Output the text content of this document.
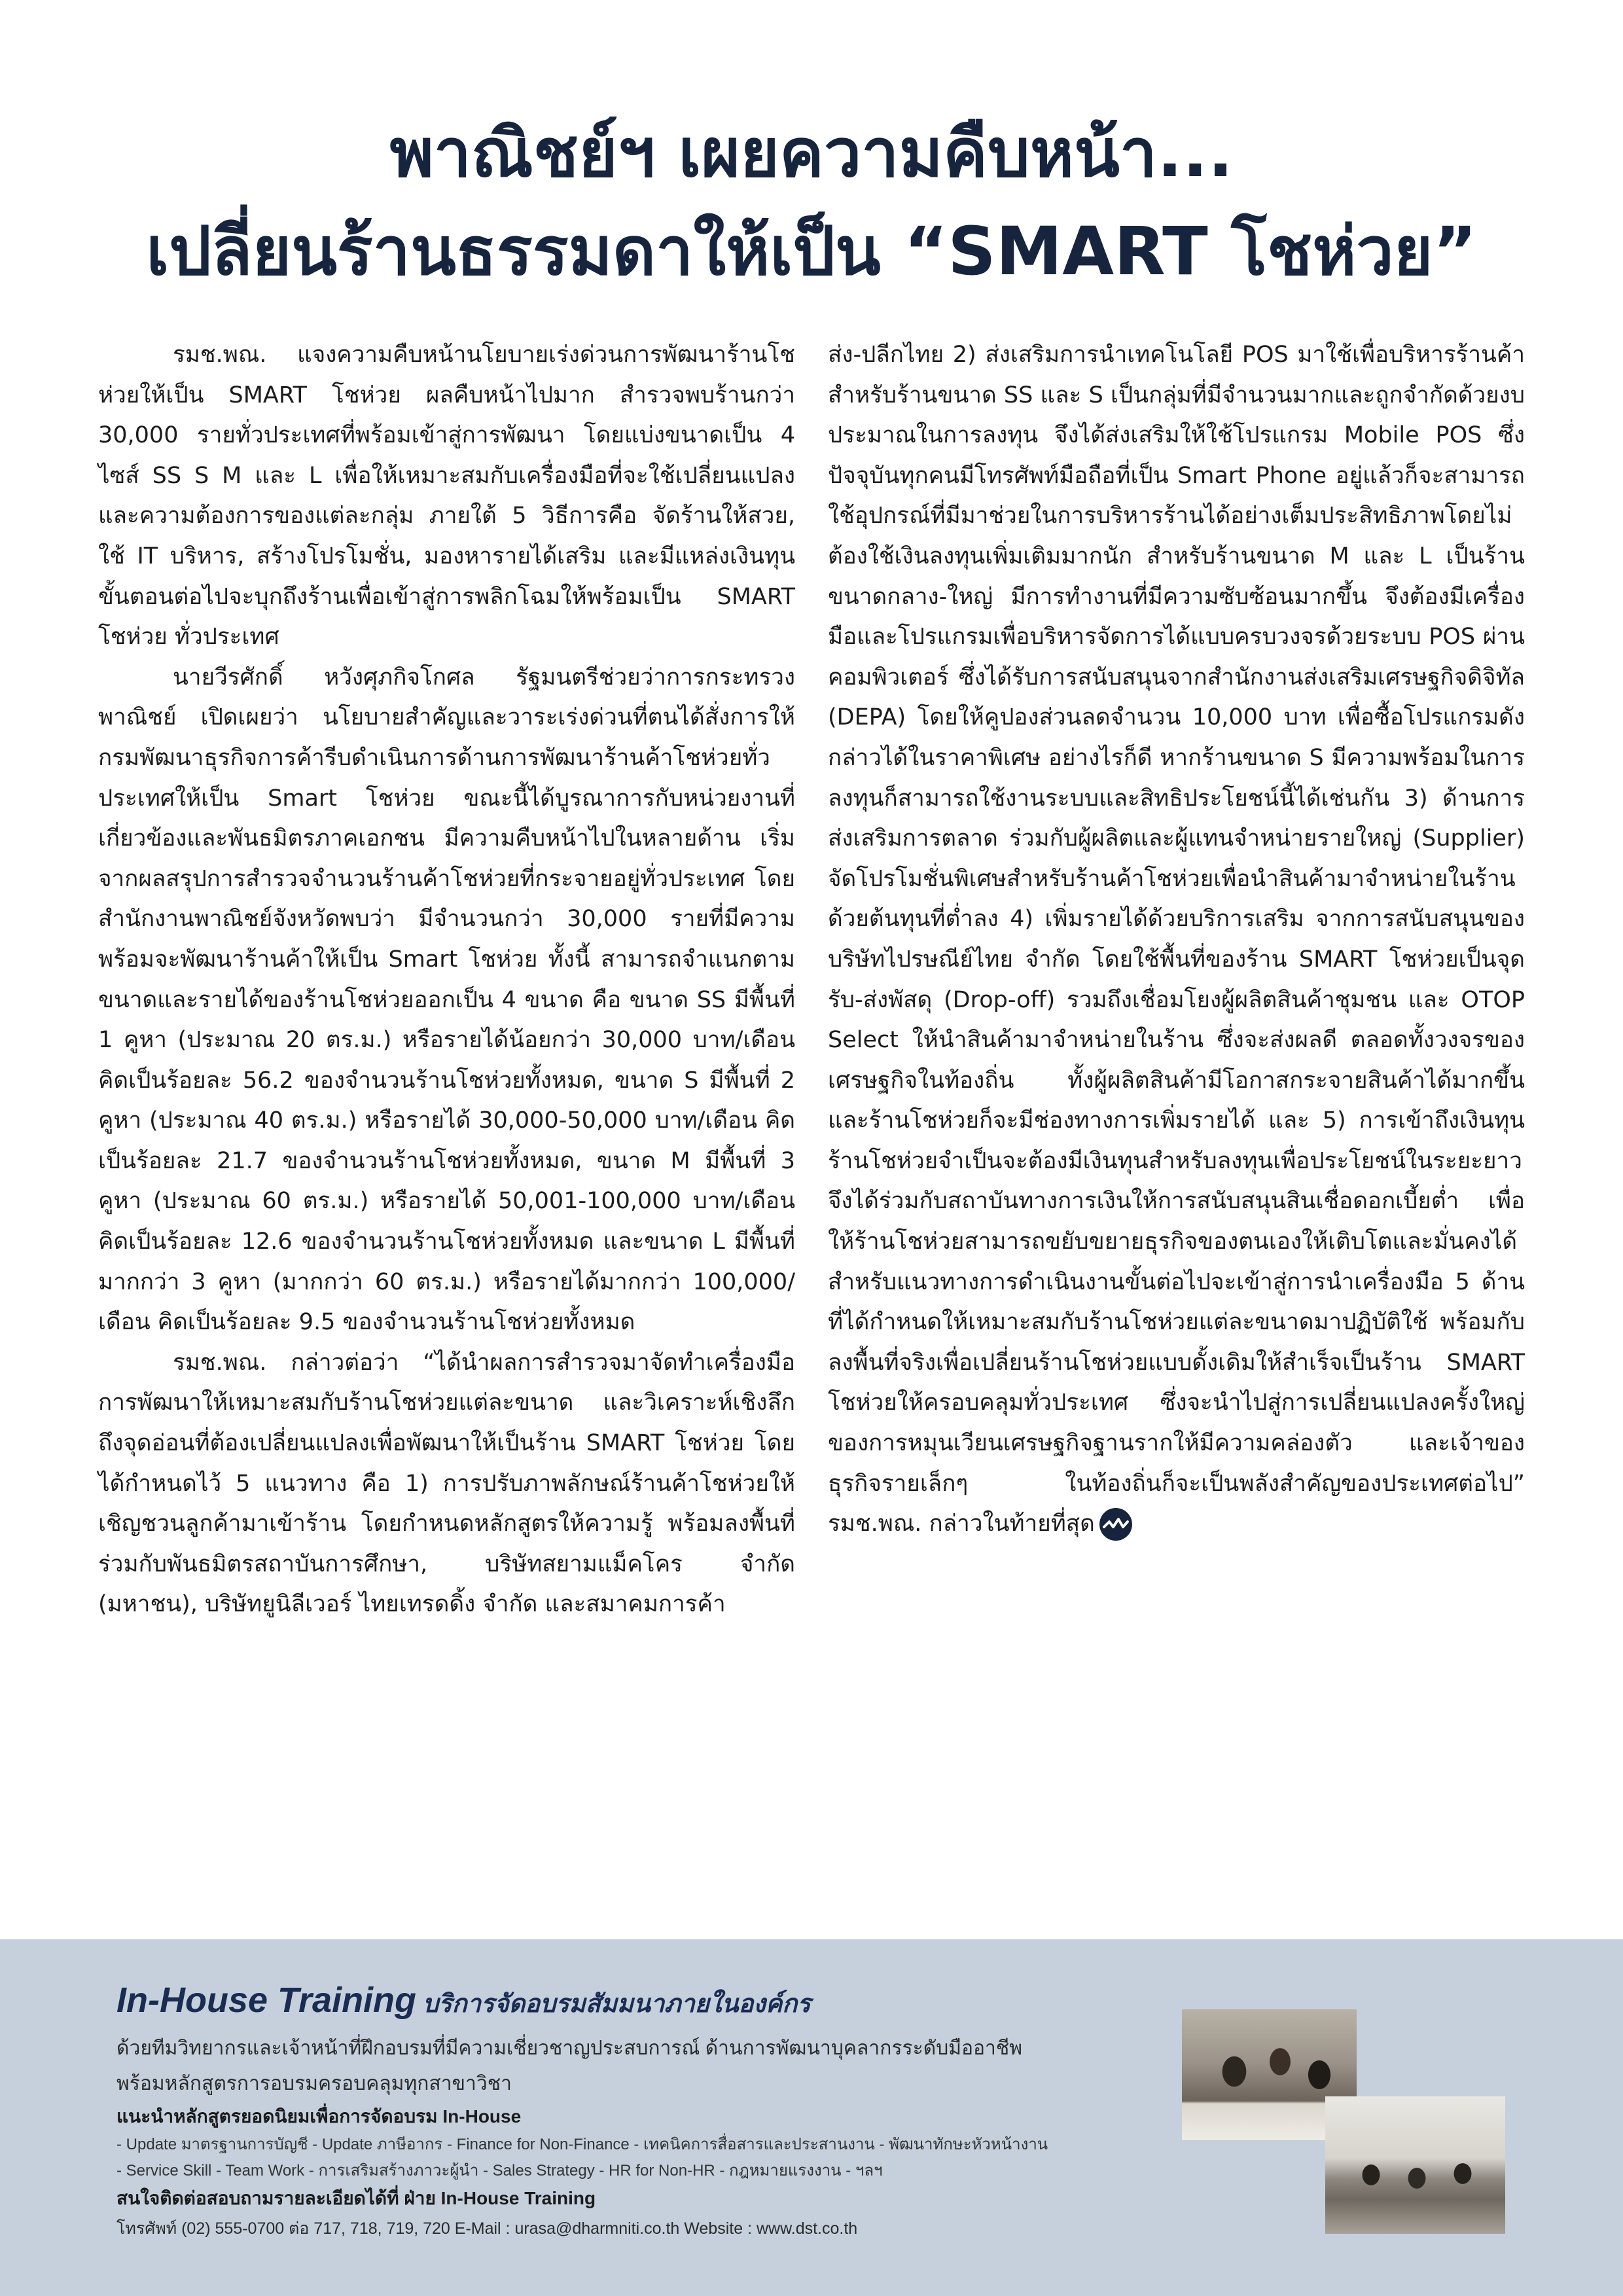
พาณิชย์ฯ เผยความคืบหน้า...
เปลี่ยนร้านธรรมดาให้เป็น “SMART โชห่วย”

รมช.พณ. แจงความคืบหน้านโยบายเร่งด่วนการพัฒนาร้านโชห่วยให้เป็น SMART โชห่วย ผลคืบหน้าไปมาก สำรวจพบร้านกว่า 30,000 รายทั่วประเทศที่พร้อมเข้าสู่การพัฒนา โดยแบ่งขนาดเป็น 4 ไซส์ SS S M และ L เพื่อให้เหมาะสมกับเครื่องมือที่จะใช้เปลี่ยนแปลงและความต้องการของแต่ละกลุ่ม ภายใต้ 5 วิธีการคือ จัดร้านให้สวย, ใช้ IT บริหาร, สร้างโปรโมชั่น, มองหารายได้เสริม และมีแหล่งเงินทุน ขั้นตอนต่อไปจะบุกถึงร้านเพื่อเข้าสู่การพลิกโฉมให้พร้อมเป็น SMART โชห่วย ทั่วประเทศ

นายวีรศักดิ์ หวังศุภกิจโกศล รัฐมนตรีช่วยว่าการกระทรวงพาณิชย์ เปิดเผยว่า นโยบายสำคัญและวาระเร่งด่วนที่ตนได้สั่งการให้กรมพัฒนาธุรกิจการค้ารีบดำเนินการด้านการพัฒนาร้านค้าโชห่วยทั่วประเทศให้เป็น Smart โชห่วย ขณะนี้ได้บูรณาการกับหน่วยงานที่เกี่ยวข้องและพันธมิตรภาคเอกชน มีความคืบหน้าไปในหลายด้าน เริ่มจากผลสรุปการสำรวจจำนวนร้านค้าโชห่วยที่กระจายอยู่ทั่วประเทศ โดยสำนักงานพาณิชย์จังหวัดพบว่า มีจำนวนกว่า 30,000 รายที่มีความพร้อมจะพัฒนาร้านค้าให้เป็น Smart โชห่วย ทั้งนี้ สามารถจำแนกตามขนาดและรายได้ของร้านโชห่วยออกเป็น 4 ขนาด คือ ขนาด SS มีพื้นที่ 1 คูหา (ประมาณ 20 ตร.ม.) หรือรายได้น้อยกว่า 30,000 บาท/เดือน คิดเป็นร้อยละ 56.2 ของจำนวนร้านโชห่วยทั้งหมด, ขนาด S มีพื้นที่ 2 คูหา (ประมาณ 40 ตร.ม.) หรือรายได้ 30,000-50,000 บาท/เดือน คิดเป็นร้อยละ 21.7 ของจำนวนร้านโชห่วยทั้งหมด, ขนาด M มีพื้นที่ 3 คูหา (ประมาณ 60 ตร.ม.) หรือรายได้ 50,001-100,000 บาท/เดือน คิดเป็นร้อยละ 12.6 ของจำนวนร้านโชห่วยทั้งหมด และขนาด L มีพื้นที่มากกว่า 3 คูหา (มากกว่า 60 ตร.ม.) หรือรายได้มากกว่า 100,000/เดือน คิดเป็นร้อยละ 9.5 ของจำนวนร้านโชห่วยทั้งหมด

รมช.พณ. กล่าวต่อว่า “ได้นำผลการสำรวจมาจัดทำเครื่องมือการพัฒนาให้เหมาะสมกับร้านโชห่วยแต่ละขนาด และวิเคราะห์เชิงลึกถึงจุดอ่อนที่ต้องเปลี่ยนแปลงเพื่อพัฒนาให้เป็นร้าน SMART โชห่วย โดยได้กำหนดไว้ 5 แนวทาง คือ 1) การปรับภาพลักษณ์ร้านค้าโชห่วยให้เชิญชวนลูกค้ามาเข้าร้าน โดยกำหนดหลักสูตรให้ความรู้ พร้อมลงพื้นที่ร่วมกับพันธมิตรสถาบันการศึกษา, บริษัทสยามแม็คโคร จำกัด (มหาชน), บริษัทยูนิลีเวอร์ ไทยเทรดดิ้ง จำกัด และสมาคมการค้า

ส่ง-ปลีกไทย 2) ส่งเสริมการนำเทคโนโลยี POS มาใช้เพื่อบริหารร้านค้าสำหรับร้านขนาด SS และ S เป็นกลุ่มที่มีจำนวนมากและถูกจำกัดด้วยงบประมาณในการลงทุน จึงได้ส่งเสริมให้ใช้โปรแกรม Mobile POS ซึ่งปัจจุบันทุกคนมีโทรศัพท์มือถือที่เป็น Smart Phone อยู่แล้วก็จะสามารถใช้อุปกรณ์ที่มีมาช่วยในการบริหารร้านได้อย่างเต็มประสิทธิภาพโดยไม่ต้องใช้เงินลงทุนเพิ่มเติมมากนัก สำหรับร้านขนาด M และ L เป็นร้านขนาดกลาง-ใหญ่ มีการทำงานที่มีความซับซ้อนมากขึ้น จึงต้องมีเครื่องมือและโปรแกรมเพื่อบริหารจัดการได้แบบครบวงจรด้วยระบบ POS ผ่านคอมพิวเตอร์ ซึ่งได้รับการสนับสนุนจากสำนักงานส่งเสริมเศรษฐกิจดิจิทัล (DEPA) โดยให้คูปองส่วนลดจำนวน 10,000 บาท เพื่อซื้อโปรแกรมดังกล่าวได้ในราคาพิเศษ อย่างไรก็ดี หากร้านขนาด S มีความพร้อมในการลงทุนก็สามารถใช้งานระบบและสิทธิประโยชน์นี้ได้เช่นกัน 3) ด้านการส่งเสริมการตลาด ร่วมกับผู้ผลิตและผู้แทนจำหน่ายรายใหญ่ (Supplier) จัดโปรโมชั่นพิเศษสำหรับร้านค้าโชห่วยเพื่อนำสินค้ามาจำหน่ายในร้านด้วยต้นทุนที่ต่ำลง 4) เพิ่มรายได้ด้วยบริการเสริม จากการสนับสนุนของบริษัทไปรษณีย์ไทย จำกัด โดยใช้พื้นที่ของร้าน SMART โชห่วยเป็นจุดรับ-ส่งพัสดุ (Drop-off) รวมถึงเชื่อมโยงผู้ผลิตสินค้าชุมชน และ OTOP Select ให้นำสินค้ามาจำหน่ายในร้าน ซึ่งจะส่งผลดี ตลอดทั้งวงจรของเศรษฐกิจในท้องถิ่น ทั้งผู้ผลิตสินค้ามีโอกาสกระจายสินค้าได้มากขึ้น และร้านโชห่วยก็จะมีช่องทางการเพิ่มรายได้ และ 5) การเข้าถึงเงินทุน ร้านโชห่วยจำเป็นจะต้องมีเงินทุนสำหรับลงทุนเพื่อประโยชน์ในระยะยาว จึงได้ร่วมกับสถาบันทางการเงินให้การสนับสนุนสินเชื่อดอกเบี้ยต่ำ เพื่อให้ร้านโชห่วยสามารถขยับขยายธุรกิจของตนเองให้เติบโตและมั่นคงได้ สำหรับแนวทางการดำเนินงานขั้นต่อไปจะเข้าสู่การนำเครื่องมือ 5 ด้านที่ได้กำหนดให้เหมาะสมกับร้านโชห่วยแต่ละขนาดมาปฏิบัติใช้ พร้อมกับลงพื้นที่จริงเพื่อเปลี่ยนร้านโชห่วยแบบดั้งเดิมให้สำเร็จเป็นร้าน SMART โชห่วยให้ครอบคลุมทั่วประเทศ ซึ่งจะนำไปสู่การเปลี่ยนแปลงครั้งใหญ่ของการหมุนเวียนเศรษฐกิจฐานรากให้มีความคล่องตัว และเจ้าของธุรกิจรายเล็กๆ ในท้องถิ่นก็จะเป็นพลังสำคัญของประเทศต่อไป” รมช.พณ. กล่าวในท้ายที่สุด

In-House Training บริการจัดอบรมสัมมนาภายในองค์กร
ด้วยทีมวิทยากรและเจ้าหน้าที่ฝึกอบรมที่มีความเชี่ยวชาญประสบการณ์ ด้านการพัฒนาบุคลากรระดับมืออาชีพ
พร้อมหลักสูตรการอบรมครอบคลุมทุกสาขาวิชา
แนะนำหลักสูตรยอดนิยมเพื่อการจัดอบรม In-House
- Update มาตรฐานการบัญชี - Update ภาษีอากร - Finance for Non-Finance - เทคนิคการสื่อสารและประสานงาน - พัฒนาทักษะหัวหน้างาน
- Service Skill - Team Work - การเสริมสร้างภาวะผู้นำ - Sales Strategy - HR for Non-HR - กฎหมายแรงงาน - ฯลฯ
สนใจติดต่อสอบถามรายละเอียดได้ที่ ฝ่าย In-House Training
โทรศัพท์ (02) 555-0700 ต่อ 717, 718, 719, 720 E-Mail : urasa@dharmniti.co.th Website : www.dst.co.th
